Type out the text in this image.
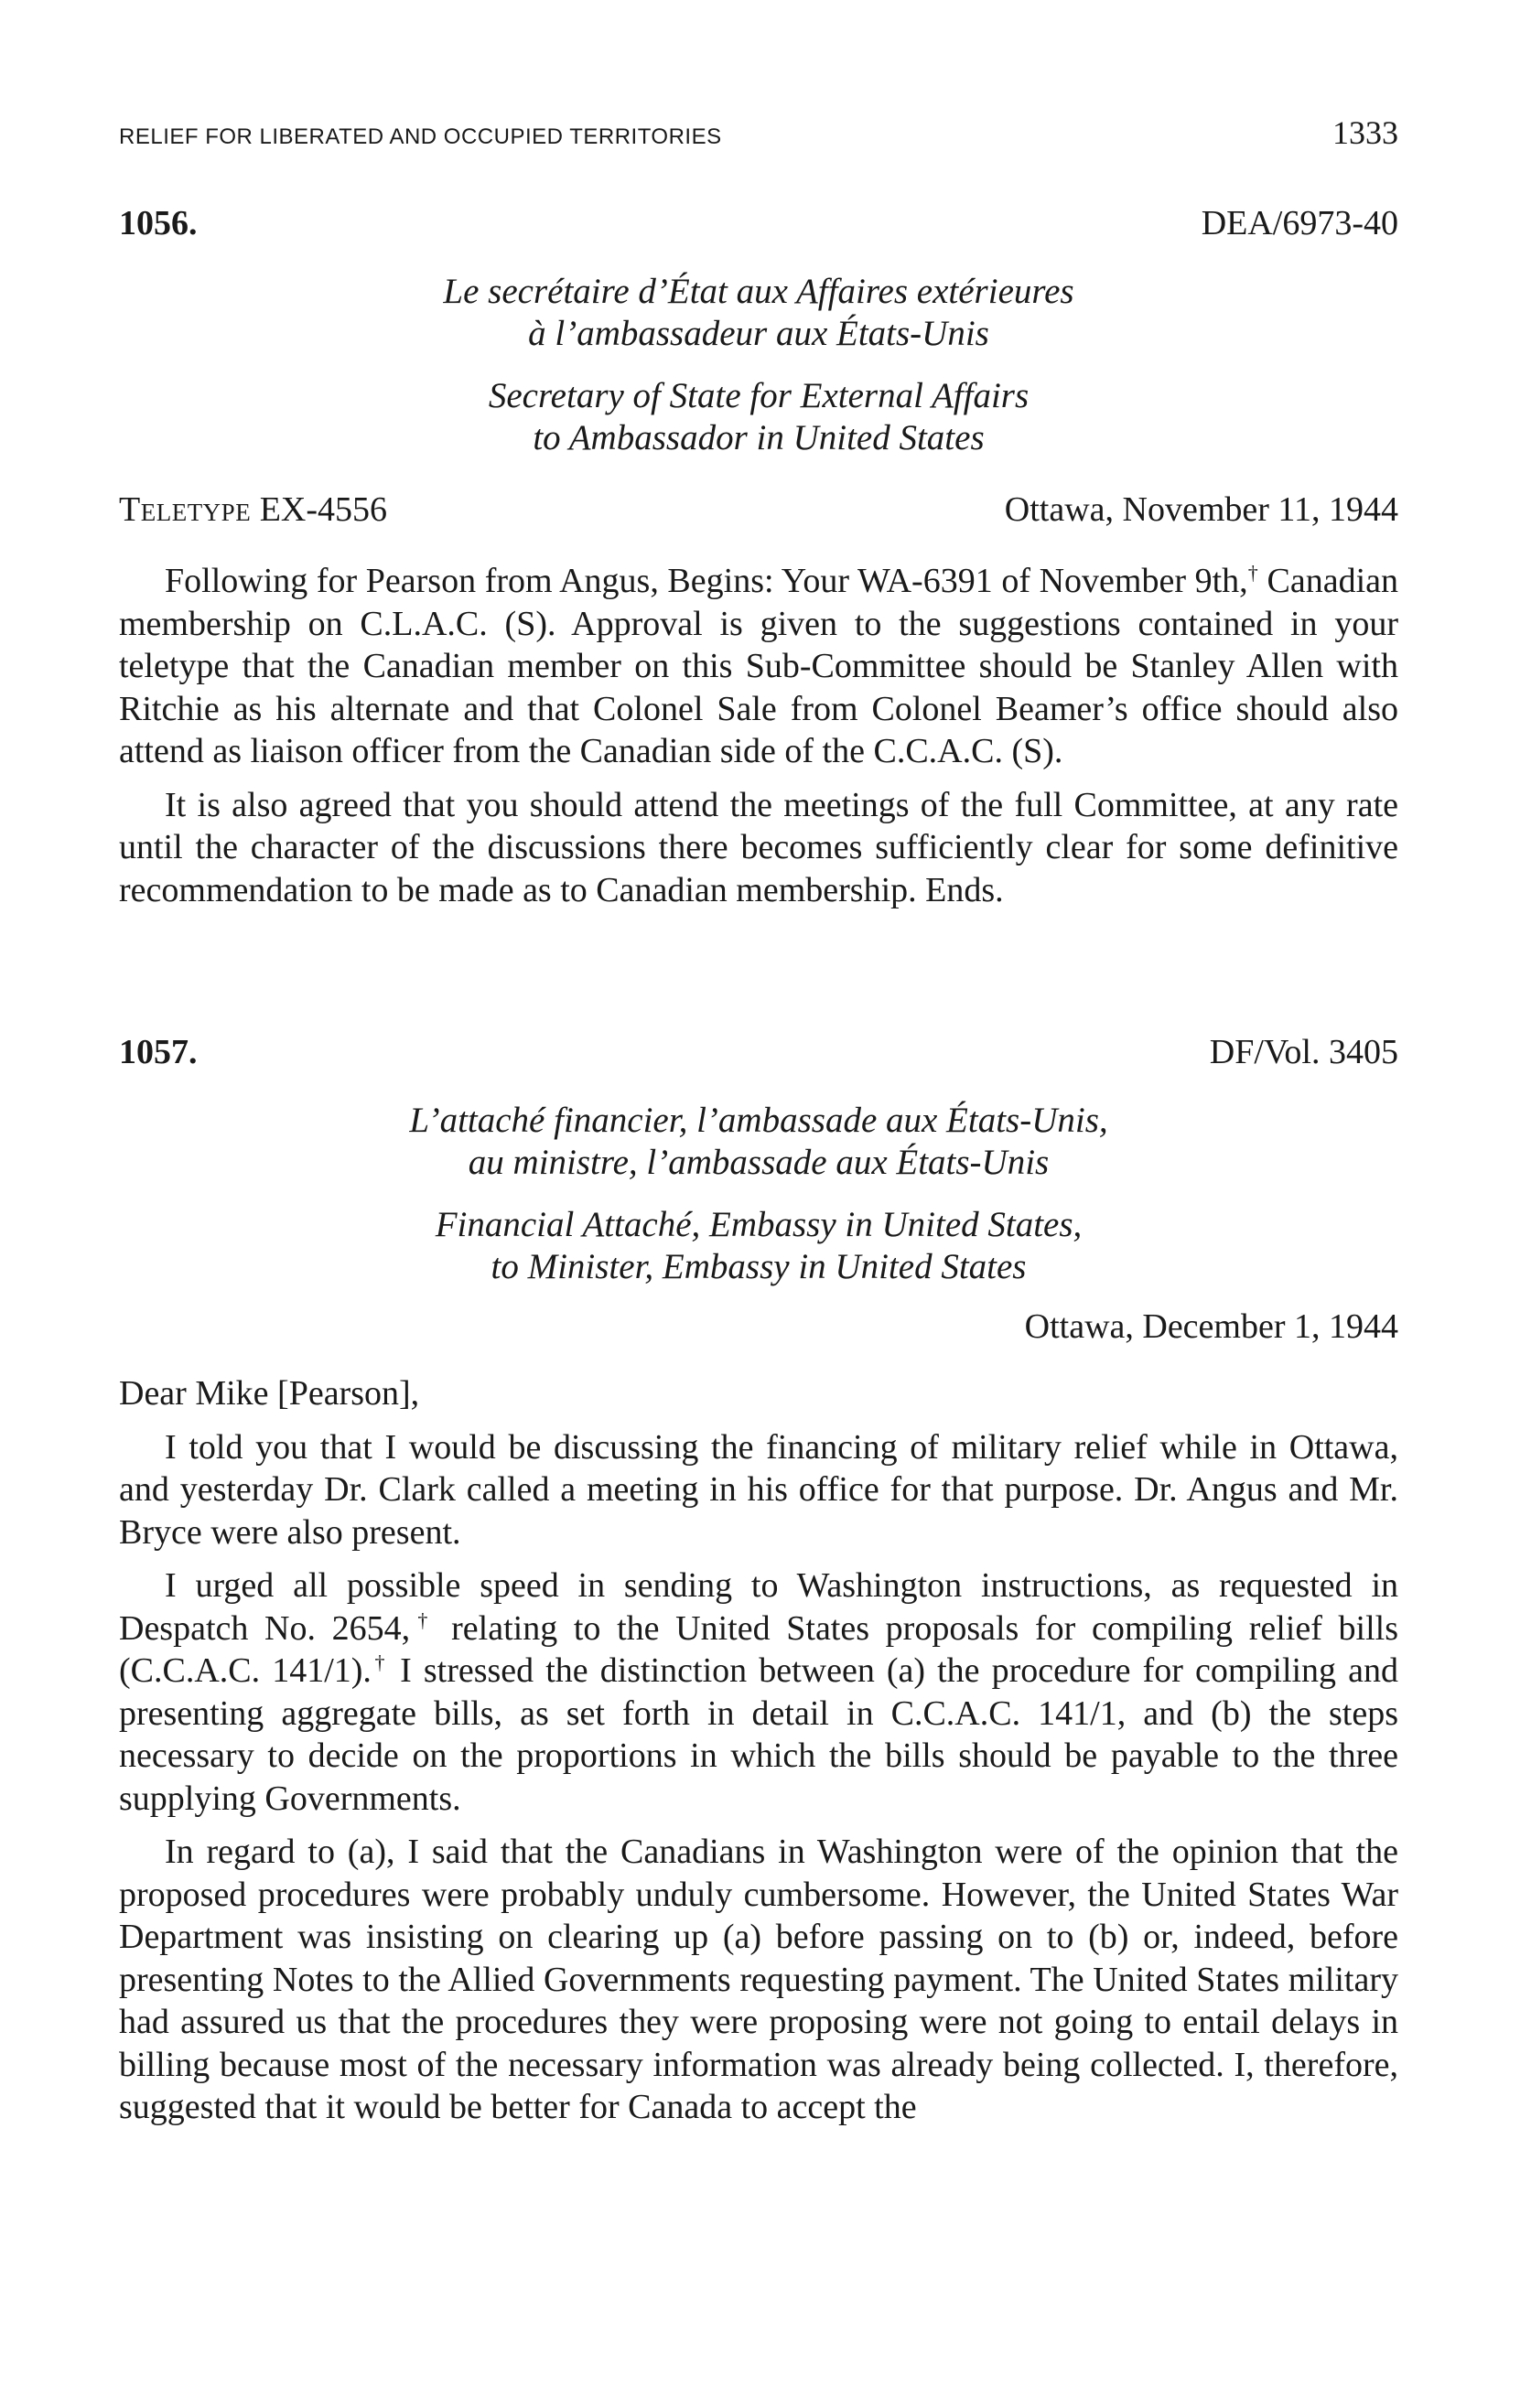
RELIEF FOR LIBERATED AND OCCUPIED TERRITORIES	1333
1056.	DEA/6973-40
Le secrétaire d’État aux Affaires extérieures
à l’ambassadeur aux États-Unis
Secretary of State for External Affairs
to Ambassador in United States
Teletype EX-4556	Ottawa, November 11, 1944

Following for Pearson from Angus, Begins: Your WA-6391 of November 9th,† Canadian membership on C.L.A.C. (S). Approval is given to the suggestions contained in your teletype that the Canadian member on this Sub-Committee should be Stanley Allen with Ritchie as his alternate and that Colonel Sale from Colonel Beamer’s office should also attend as liaison officer from the Canadian side of the C.C.A.C. (S).

It is also agreed that you should attend the meetings of the full Committee, at any rate until the character of the discussions there becomes sufficiently clear for some definitive recommendation to be made as to Canadian membership. Ends.

1057.	DF/Vol. 3405
L’attaché financier, l’ambassade aux États-Unis,
au ministre, l’ambassade aux États-Unis
Financial Attaché, Embassy in United States,
to Minister, Embassy in United States
Ottawa, December 1, 1944

Dear Mike [Pearson],

I told you that I would be discussing the financing of military relief while in Ottawa, and yesterday Dr. Clark called a meeting in his office for that purpose. Dr. Angus and Mr. Bryce were also present.

I urged all possible speed in sending to Washington instructions, as requested in Despatch No. 2654,† relating to the United States proposals for compiling relief bills (C.C.A.C. 141/1).† I stressed the distinction between (a) the procedure for compiling and presenting aggregate bills, as set forth in detail in C.C.A.C. 141/1, and (b) the steps necessary to decide on the proportions in which the bills should be payable to the three supplying Governments.

In regard to (a), I said that the Canadians in Washington were of the opinion that the proposed procedures were probably unduly cumbersome. However, the United States War Department was insisting on clearing up (a) before passing on to (b) or, indeed, before presenting Notes to the Allied Governments requesting payment. The United States military had assured us that the procedures they were proposing were not going to entail delays in billing because most of the necessary information was already being collected. I, therefore, suggested that it would be better for Canada to accept the
